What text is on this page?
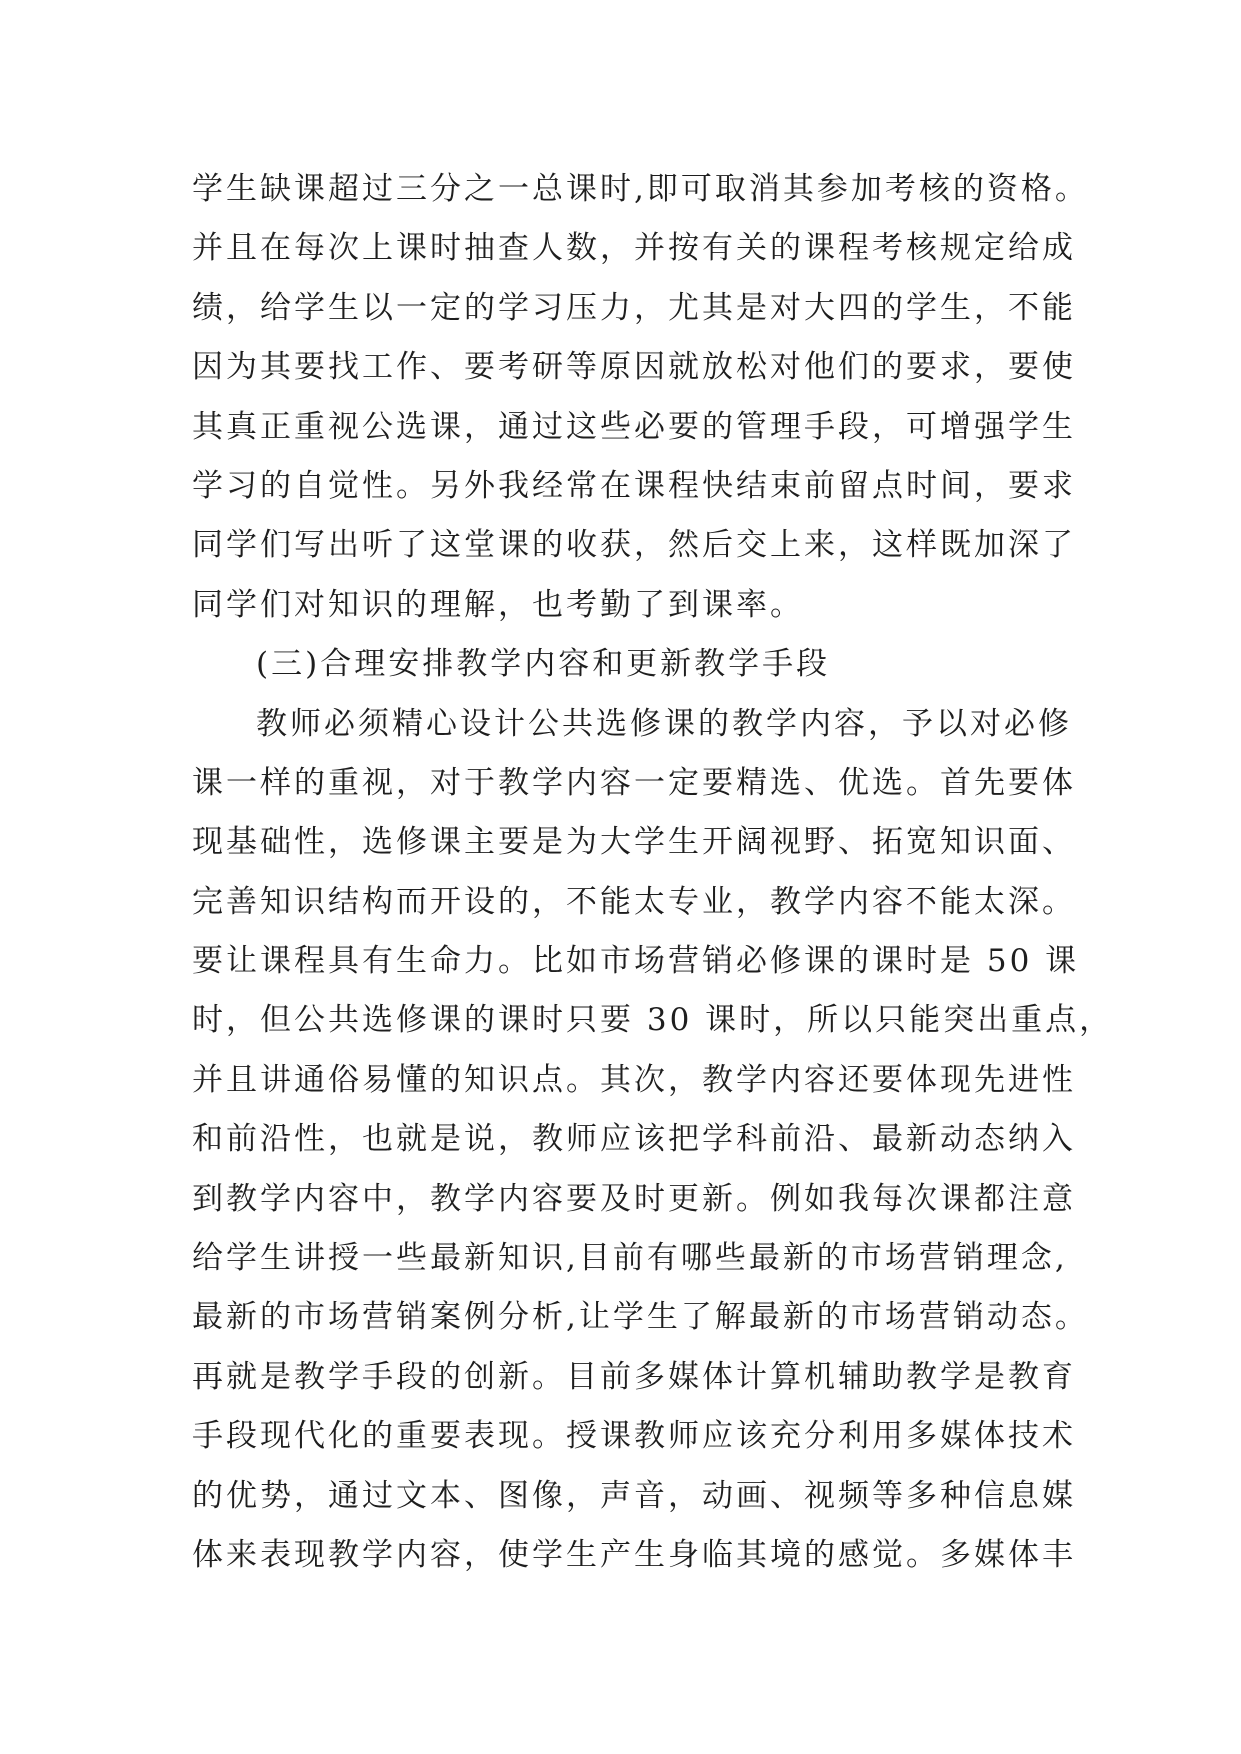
学生缺课超过三分之一总课时,即可取消其参加考核的资格。
并且在每次上课时抽查人数，并按有关的课程考核规定给成
绩，给学生以一定的学习压力，尤其是对大四的学生，不能
因为其要找工作、要考研等原因就放松对他们的要求，要使
其真正重视公选课，通过这些必要的管理手段，可增强学生
学习的自觉性。另外我经常在课程快结束前留点时间，要求
同学们写出听了这堂课的收获，然后交上来，这样既加深了
同学们对知识的理解，也考勤了到课率。
(三)合理安排教学内容和更新教学手段
教师必须精心设计公共选修课的教学内容，予以对必修
课一样的重视，对于教学内容一定要精选、优选。首先要体
现基础性，选修课主要是为大学生开阔视野、拓宽知识面、
完善知识结构而开设的，不能太专业，教学内容不能太深。
要让课程具有生命力。比如市场营销必修课的课时是 50 课
时，但公共选修课的课时只要 30 课时，所以只能突出重点，
并且讲通俗易懂的知识点。其次，教学内容还要体现先进性
和前沿性，也就是说，教师应该把学科前沿、最新动态纳入
到教学内容中，教学内容要及时更新。例如我每次课都注意
给学生讲授一些最新知识,目前有哪些最新的市场营销理念,
最新的市场营销案例分析,让学生了解最新的市场营销动态。
再就是教学手段的创新。目前多媒体计算机辅助教学是教育
手段现代化的重要表现。授课教师应该充分利用多媒体技术
的优势，通过文本、图像，声音，动画、视频等多种信息媒
体来表现教学内容，使学生产生身临其境的感觉。多媒体丰
